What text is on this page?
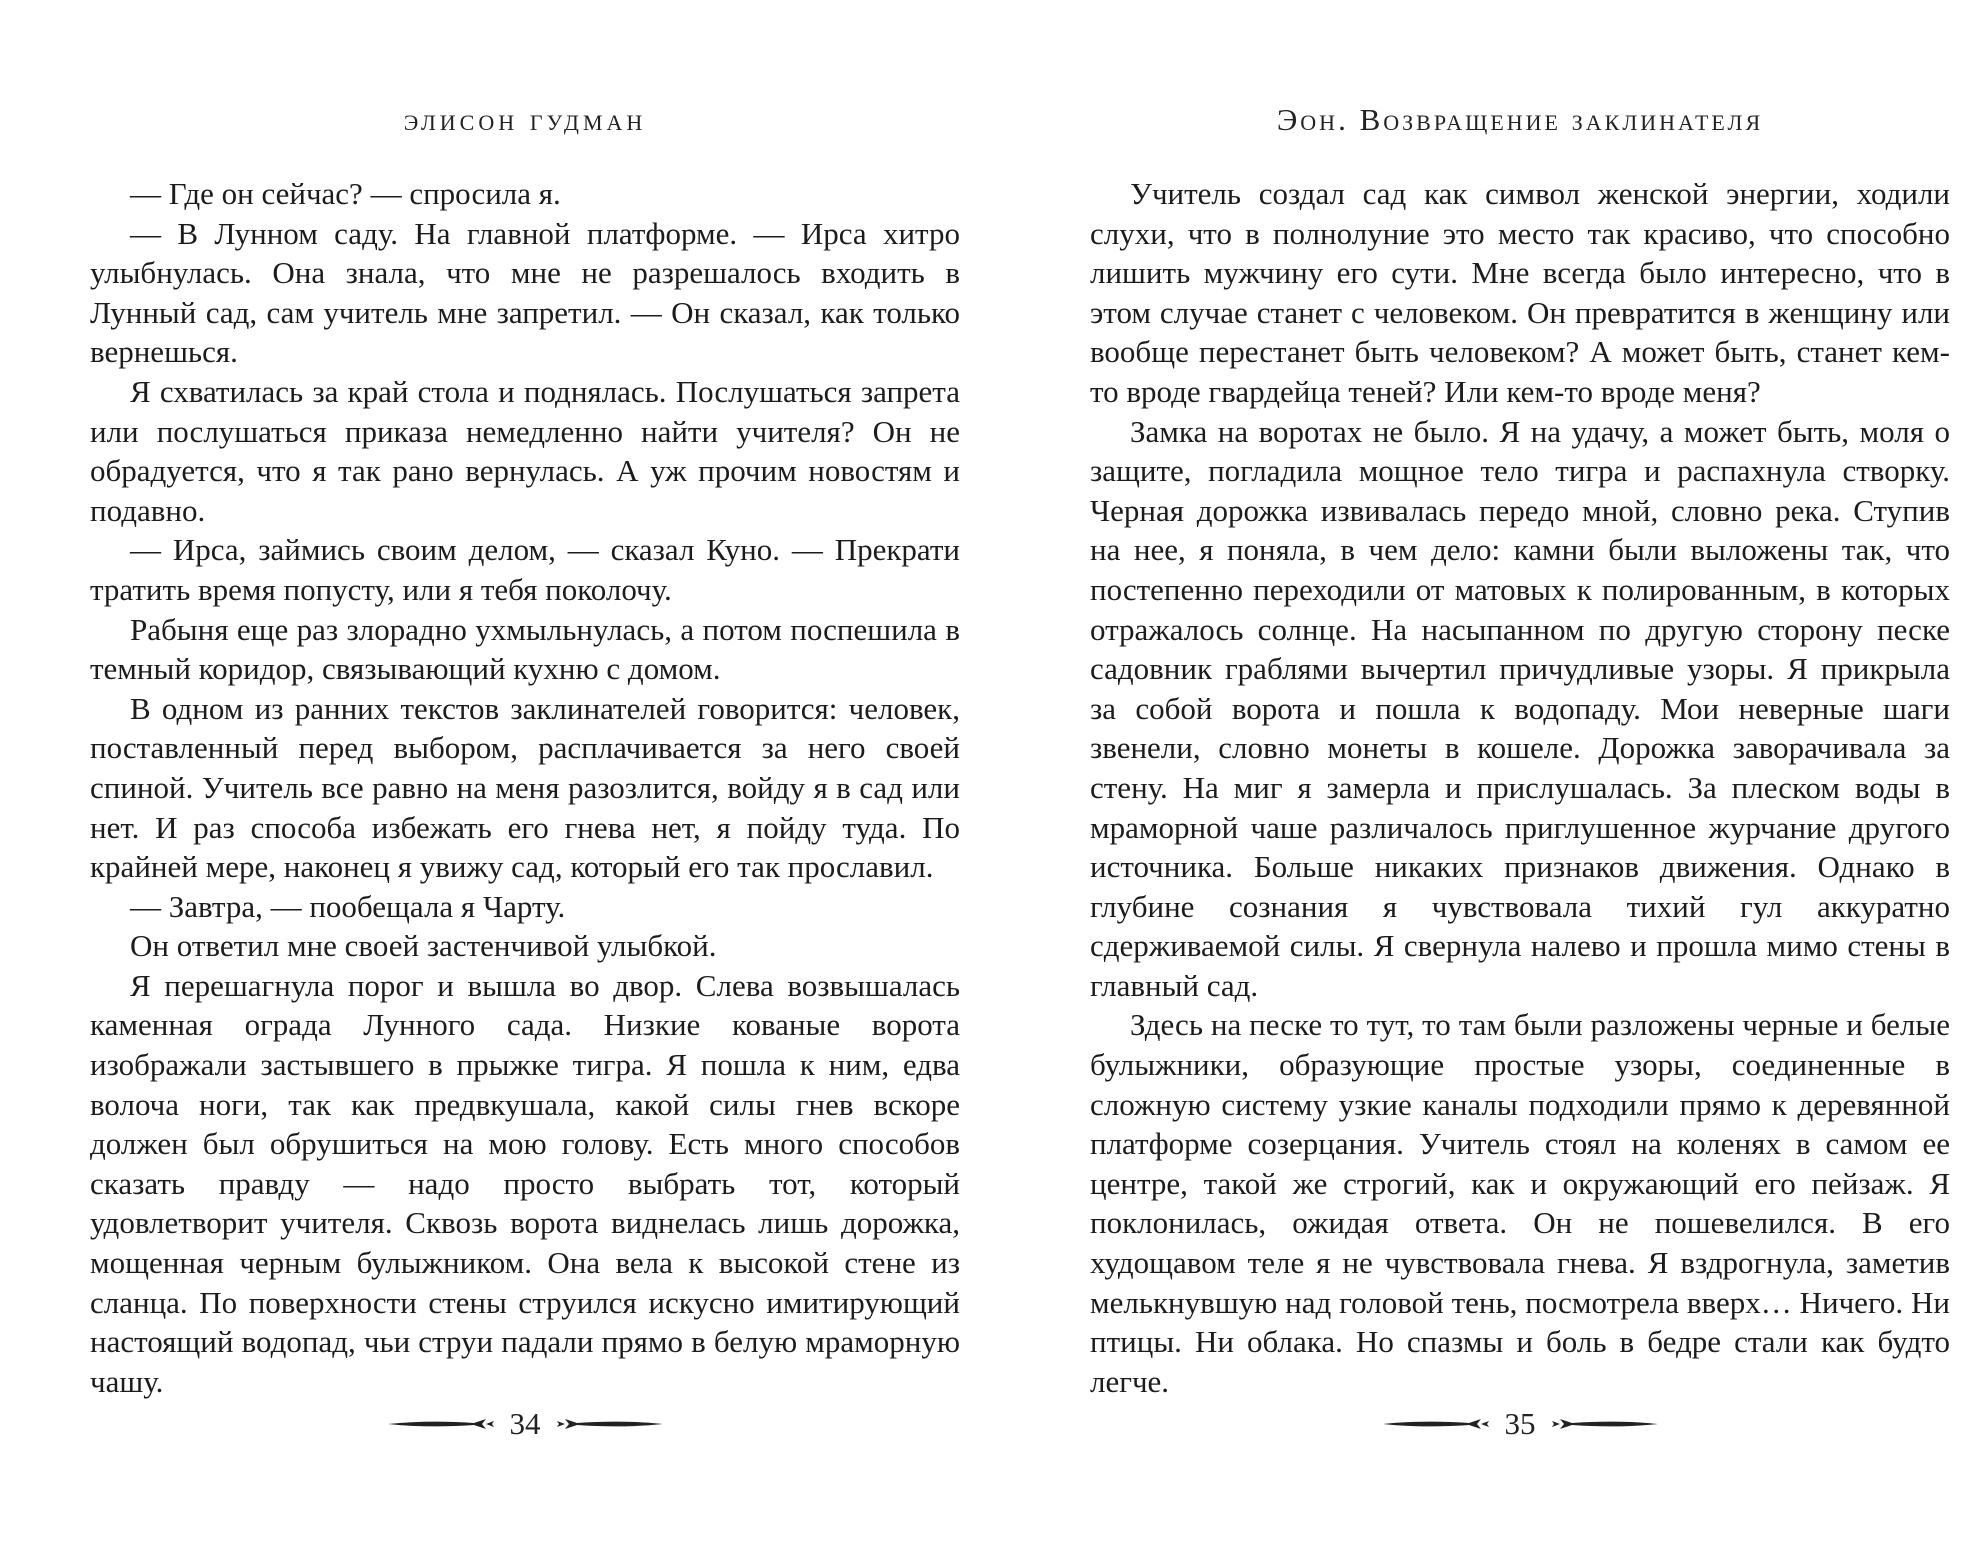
элисон гудман

— Где он сейчас? — спросила я.

— В Лунном саду. На главной платформе. — Ирса хитро улыбнулась. Она знала, что мне не разрешалось входить в Лунный сад, сам учитель мне запретил. — Он сказал, как только вернешься.

Я схватилась за край стола и поднялась. Послушаться запрета или послушаться приказа немедленно найти учителя? Он не обрадуется, что я так рано вернулась. А уж прочим новостям и подавно.

— Ирса, займись своим делом, — сказал Куно. — Прекрати тратить время попусту, или я тебя поколочу.

Рабыня еще раз злорадно ухмыльнулась, а потом поспешила в темный коридор, связывающий кухню с домом.

В одном из ранних текстов заклинателей говорится: человек, поставленный перед выбором, расплачивается за него своей спиной. Учитель все равно на меня разозлится, войду я в сад или нет. И раз способа избежать его гнева нет, я пойду туда. По крайней мере, наконец я увижу сад, который его так прославил.

— Завтра, — пообещала я Чарту.

Он ответил мне своей застенчивой улыбкой.

Я перешагнула порог и вышла во двор. Слева возвышалась каменная ограда Лунного сада. Низкие кованые ворота изображали застывшего в прыжке тигра. Я пошла к ним, едва волоча ноги, так как предвкушала, какой силы гнев вскоре должен был обрушиться на мою голову. Есть много способов сказать правду — надо просто выбрать тот, который удовлетворит учителя. Сквозь ворота виднелась лишь дорожка, мощенная черным булыжником. Она вела к высокой стене из сланца. По поверхности стены струился искусно имитирующий настоящий водопад, чьи струи падали прямо в белую мраморную чашу.

34
Эон. Возвращение заклинателя

Учитель создал сад как символ женской энергии, ходили слухи, что в полнолуние это место так красиво, что способно лишить мужчину его сути. Мне всегда было интересно, что в этом случае станет с человеком. Он превратится в женщину или вообще перестанет быть человеком? А может быть, станет кем-то вроде гвардейца теней? Или кем-то вроде меня?

Замка на воротах не было. Я на удачу, а может быть, моля о защите, погладила мощное тело тигра и распахнула створку. Черная дорожка извивалась передо мной, словно река. Ступив на нее, я поняла, в чем дело: камни были выложены так, что постепенно переходили от матовых к полированным, в которых отражалось солнце. На насыпанном по другую сторону песке садовник граблями вычертил причудливые узоры. Я прикрыла за собой ворота и пошла к водопаду. Мои неверные шаги звенели, словно монеты в кошеле. Дорожка заворачивала за стену. На миг я замерла и прислушалась. За плеском воды в мраморной чаше различалось приглушенное журчание другого источника. Больше никаких признаков движения. Однако в глубине сознания я чувствовала тихий гул аккуратно сдерживаемой силы. Я свернула налево и прошла мимо стены в главный сад.

Здесь на песке то тут, то там были разложены черные и белые булыжники, образующие простые узоры, соединенные в сложную систему узкие каналы подходили прямо к деревянной платформе созерцания. Учитель стоял на коленях в самом ее центре, такой же строгий, как и окружающий его пейзаж. Я поклонилась, ожидая ответа. Он не пошевелился. В его худощавом теле я не чувствовала гнева. Я вздрогнула, заметив мелькнувшую над головой тень, посмотрела вверх… Ничего. Ни птицы. Ни облака. Но спазмы и боль в бедре стали как будто легче.

35
